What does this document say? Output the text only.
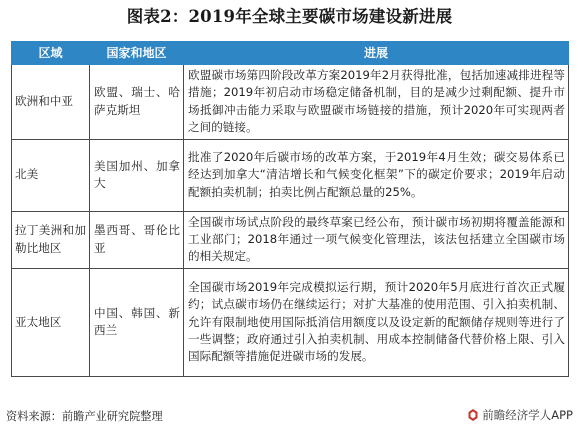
图表2：2019年全球主要碳市场建设新进展
区域	国家和地区	进展
欧洲和中亚	欧盟、瑞士、哈萨克斯坦	欧盟碳市场第四阶段改革方案2019年2月获得批准，包括加速减排进程等措施；2019年初启动市场稳定储备机制，目的是减少过剩配额、提升市场抵御冲击能力采取与欧盟碳市场链接的措施，预计2020年可实现两者之间的链接。
北美	美国加州、加拿大	批准了2020年后碳市场的改革方案，于2019年4月生效；碳交易体系已经达到加拿大“清洁增长和气候变化框架”下的碳定价要求；2019年启动配额拍卖机制；拍卖比例占配额总量的25%。
拉丁美洲和加勒比地区	墨西哥、哥伦比亚	全国碳市场试点阶段的最终草案已经公布，预计碳市场初期将覆盖能源和工业部门；2018年通过一项气候变化管理法，该法包括建立全国碳市场的相关规定。
亚太地区	中国、韩国、新西兰	全国碳市场2019年完成模拟运行期，预计2020年5月底进行首次正式履约；试点碳市场仍在继续运行；对扩大基准的使用范围、引入拍卖机制、允许有限制地使用国际抵消信用额度以及设定新的配额储存规则等进行了一些调整；政府通过引入拍卖机制、用成本控制储备代替价格上限、引入国际配额等措施促进碳市场的发展。
资料来源：前瞻产业研究院整理	前瞻经济学人APP
